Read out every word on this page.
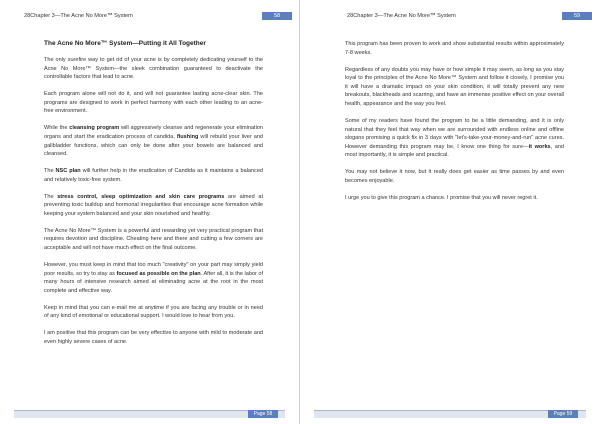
28Chapter 3—The Acne No More™ System	58
The Acne No More™ System—Putting it All Together

The only surefire way to get rid of your acne is by completely dedicating yourself to the Acne No More™ System—the sleek combination guaranteed to deactivate the controllable factors that lead to acne.

Each program alone will not do it, and will not guarantee lasting acne-clear skin. The programs are designed to work in perfect harmony with each other leading to an acne-free environment.

While the cleansing program will aggressively cleanse and regenerate your elimination organs and start the eradication process of candida, flushing will rebuild your liver and gallbladder functions, which can only be done after your bowels are balanced and cleansed.

The NSC plan will further help in the eradication of Candida as it maintains a balanced and relatively toxic-free system.

The stress control, sleep optimization and skin care programs are aimed at preventing toxic buildup and hormonal irregularities that encourage acne formation while keeping your system balanced and your skin nourished and healthy.

The Acne No More™ System is a powerful and rewarding yet very practical program that requires devotion and discipline. Cheating here and there and cutting a few corners are acceptable and will not have much effect on the final outcome.

However, you must keep in mind that too much "creativity" on your part may simply yield poor results, so try to stay as focused as possible on the plan. After all, it is the labor of many hours of intensive research aimed at eliminating acne at the root in the most complete and effective way.

Keep in mind that you can e-mail me at anytime if you are facing any trouble or in need of any kind of emotional or educational support. I would love to hear from you.

I am positive that this program can be very effective to anyone with mild to moderate and even highly severe cases of acne.

Page 58
28Chapter 3—The Acne No More™ System	59

This program has been proven to work and show substantial results within approximately 7-8 weeks.

Regardless of any doubts you may have or how simple it may seem, as long as you stay loyal to the principles of the Acne No More™ System and follow it closely, I promise you it will have a dramatic impact on your skin condition, it will totally prevent any new breakouts, blackheads and scarring, and have an immense positive effect on your overall health, appearance and the way you feel.

Some of my readers have found the program to be a little demanding, and it is only natural that they feel that way when we are surrounded with endless online and offline slogans promising a quick fix in 3 days with "let's-take-your-money-and-run" acne cures. However demanding this program may be, I know one thing for sure—it works, and most importantly, it is simple and practical.

You may not believe it now, but it really does get easier as time passes by and even becomes enjoyable.

I urge you to give this program a chance. I promise that you will never regret it.

Page 59
